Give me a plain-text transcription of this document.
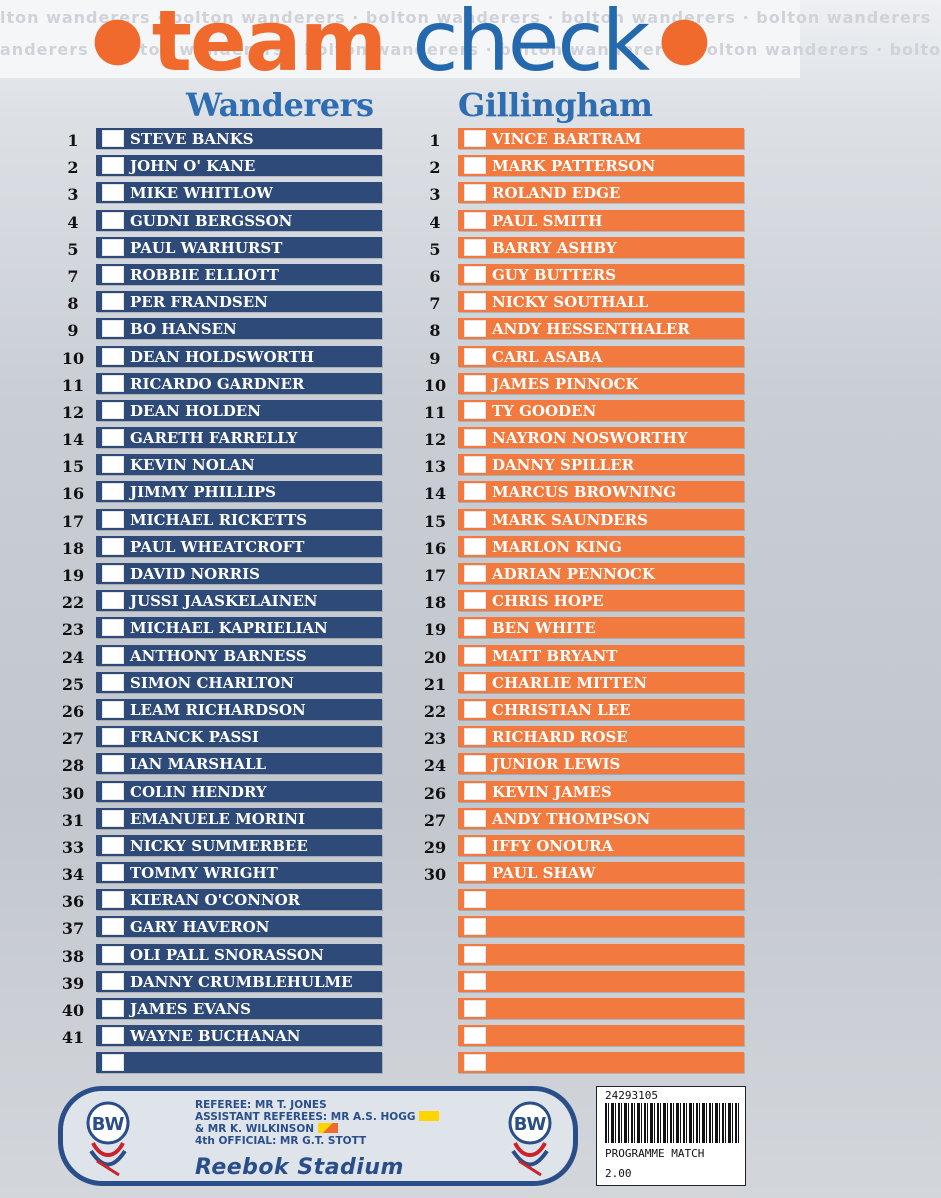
lton wanderers · bolton wanderers · bolton wanderers · bolton wanderers · bolton wanderers
anderers · bolton wanderers · bolton wanderers · bolton wanderers · bolton wanderers · bolto
● team check ●
Wanderers	Gillingham
1	STEVE BANKS
2	JOHN O' KANE
3	MIKE WHITLOW
4	GUDNI BERGSSON
5	PAUL WARHURST
7	ROBBIE ELLIOTT
8	PER FRANDSEN
9	BO HANSEN
10	DEAN HOLDSWORTH
11	RICARDO GARDNER
12	DEAN HOLDEN
14	GARETH FARRELLY
15	KEVIN NOLAN
16	JIMMY PHILLIPS
17	MICHAEL RICKETTS
18	PAUL WHEATCROFT
19	DAVID NORRIS
22	JUSSI JAASKELAINEN
23	MICHAEL KAPRIELIAN
24	ANTHONY BARNESS
25	SIMON CHARLTON
26	LEAM RICHARDSON
27	FRANCK PASSI
28	IAN MARSHALL
30	COLIN HENDRY
31	EMANUELE MORINI
33	NICKY SUMMERBEE
34	TOMMY WRIGHT
36	KIERAN O'CONNOR
37	GARY HAVERON
38	OLI PALL SNORASSON
39	DANNY CRUMBLEHULME
40	JAMES EVANS
41	WAYNE BUCHANAN
1	VINCE BARTRAM
2	MARK PATTERSON
3	ROLAND EDGE
4	PAUL SMITH
5	BARRY ASHBY
6	GUY BUTTERS
7	NICKY SOUTHALL
8	ANDY HESSENTHALER
9	CARL ASABA
10	JAMES PINNOCK
11	TY GOODEN
12	NAYRON NOSWORTHY
13	DANNY SPILLER
14	MARCUS BROWNING
15	MARK SAUNDERS
16	MARLON KING
17	ADRIAN PENNOCK
18	CHRIS HOPE
19	BEN WHITE
20	MATT BRYANT
21	CHARLIE MITTEN
22	CHRISTIAN LEE
23	RICHARD ROSE
24	JUNIOR LEWIS
26	KEVIN JAMES
27	ANDY THOMPSON
29	IFFY ONOURA
30	PAUL SHAW
BW
REFEREE: MR T. JONES
ASSISTANT REFEREES: MR A.S. HOGG
& MR K. WILKINSON
4th OFFICIAL: MR G.T. STOTT
Reebok Stadium
BW
24293105
PROGRAMME MATCH
2.00
